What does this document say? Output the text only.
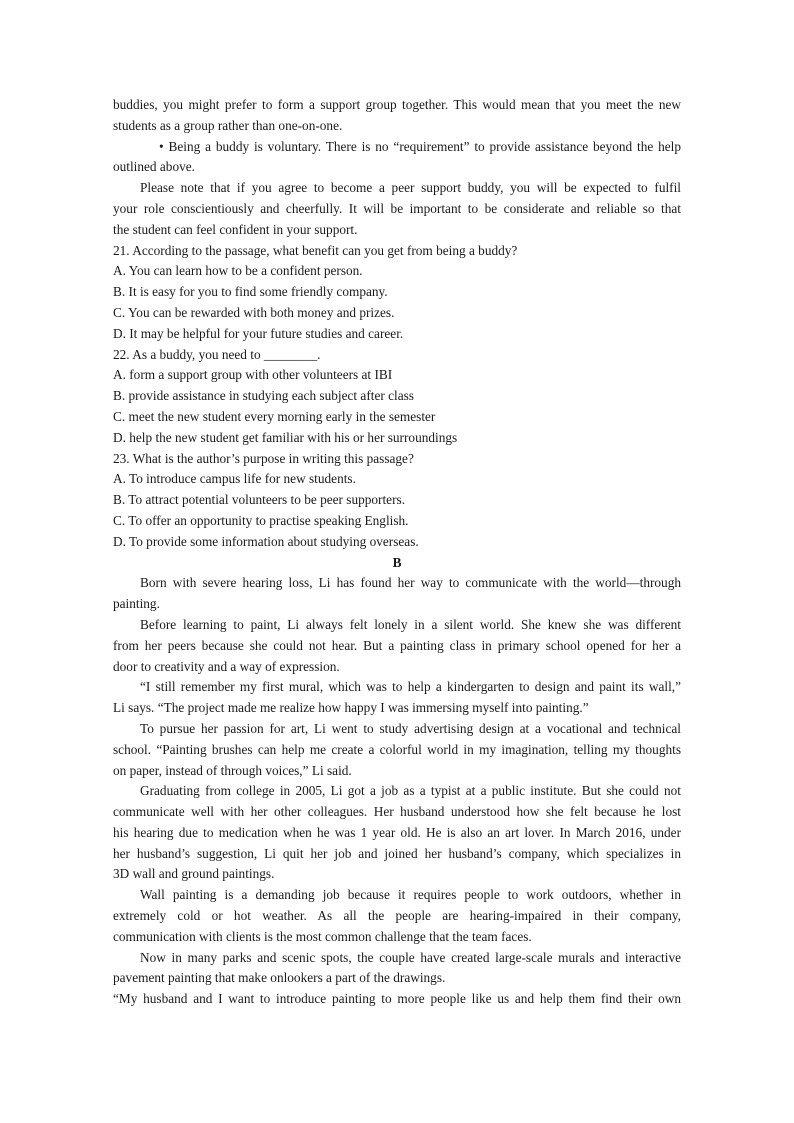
buddies, you might prefer to form a support group together. This would mean that you meet the new
students as a group rather than one-on-one.
• Being a buddy is voluntary. There is no “requirement” to provide assistance beyond the help
outlined above.
Please note that if you agree to become a peer support buddy, you will be expected to fulfil
your role conscientiously and cheerfully. It will be important to be considerate and reliable so that
the student can feel confident in your support.
21. According to the passage, what benefit can you get from being a buddy?
A. You can learn how to be a confident person.
B. It is easy for you to find some friendly company.
C. You can be rewarded with both money and prizes.
D. It may be helpful for your future studies and career.
22. As a buddy, you need to ________.
A. form a support group with other volunteers at IBI
B. provide assistance in studying each subject after class
C. meet the new student every morning early in the semester
D. help the new student get familiar with his or her surroundings
23. What is the author’s purpose in writing this passage?
A. To introduce campus life for new students.
B. To attract potential volunteers to be peer supporters.
C. To offer an opportunity to practise speaking English.
D. To provide some information about studying overseas.
B
Born with severe hearing loss, Li has found her way to communicate with the world—through
painting.
Before learning to paint, Li always felt lonely in a silent world. She knew she was different
from her peers because she could not hear. But a painting class in primary school opened for her a
door to creativity and a way of expression.
“I still remember my first mural, which was to help a kindergarten to design and paint its wall,”
Li says. “The project made me realize how happy I was immersing myself into painting.”
To pursue her passion for art, Li went to study advertising design at a vocational and technical
school. “Painting brushes can help me create a colorful world in my imagination, telling my thoughts
on paper, instead of through voices,” Li said.
Graduating from college in 2005, Li got a job as a typist at a public institute. But she could not
communicate well with her other colleagues. Her husband understood how she felt because he lost
his hearing due to medication when he was 1 year old. He is also an art lover. In March 2016, under
her husband’s suggestion, Li quit her job and joined her husband’s company, which specializes in
3D wall and ground paintings.
Wall painting is a demanding job because it requires people to work outdoors, whether in
extremely cold or hot weather. As all the people are hearing-impaired in their company,
communication with clients is the most common challenge that the team faces.
Now in many parks and scenic spots, the couple have created large-scale murals and interactive
pavement painting that make onlookers a part of the drawings.
“My husband and I want to introduce painting to more people like us and help them find their own
